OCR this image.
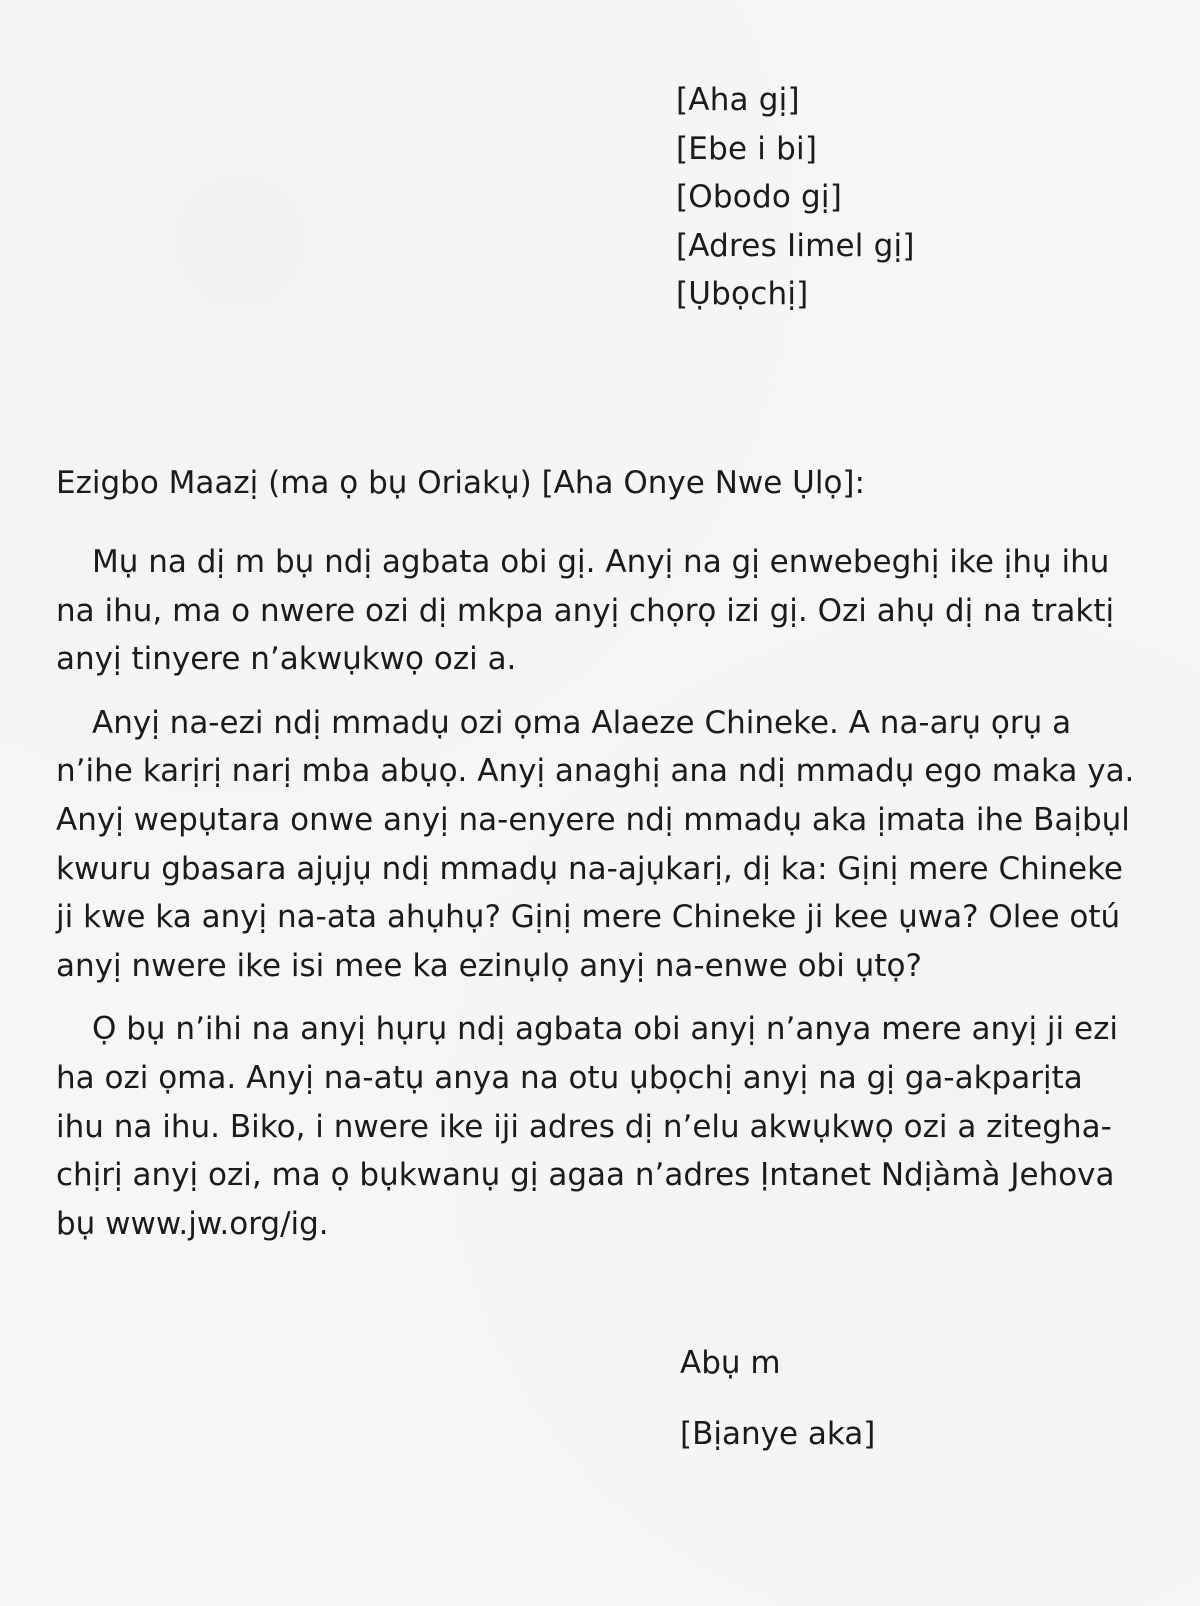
[Aha gị]
[Ebe i bi]
[Obodo gị]
[Adres Iimel gị]
[Ụbọchị]
Ezigbo Maazị (ma ọ bụ Oriakụ) [Aha Onye Nwe Ụlọ]:

Mụ na dị m bụ ndị agbata obi gị. Anyị na gị enwebeghị ike ịhụ ihu
na ihu, ma o nwere ozi dị mkpa anyị chọrọ izi gị. Ozi ahụ dị na traktị
anyị tinyere n’akwụkwọ ozi a.

Anyị na-ezi ndị mmadụ ozi ọma Alaeze Chineke. A na-arụ ọrụ a
n’ihe karịrị narị mba abụọ. Anyị anaghị ana ndị mmadụ ego maka ya.
Anyị wepụtara onwe anyị na-enyere ndị mmadụ aka ịmata ihe Baịbụl
kwuru gbasara ajụjụ ndị mmadụ na-ajụkarị, dị ka: Gịnị mere Chineke
ji kwe ka anyị na-ata ahụhụ? Gịnị mere Chineke ji kee ụwa? Olee otú
anyị nwere ike isi mee ka ezinụlọ anyị na-enwe obi ụtọ?

Ọ bụ n’ihi na anyị hụrụ ndị agbata obi anyị n’anya mere anyị ji ezi
ha ozi ọma. Anyị na-atụ anya na otu ụbọchị anyị na gị ga-akparịta
ihu na ihu. Biko, i nwere ike iji adres dị n’elu akwụkwọ ozi a zitegha-
chịrị anyị ozi, ma ọ bụkwanụ gị agaa n’adres Ịntanet Ndịàmà Jehova
bụ www.jw.org/ig.

Abụ m
[Bịanye aka]
